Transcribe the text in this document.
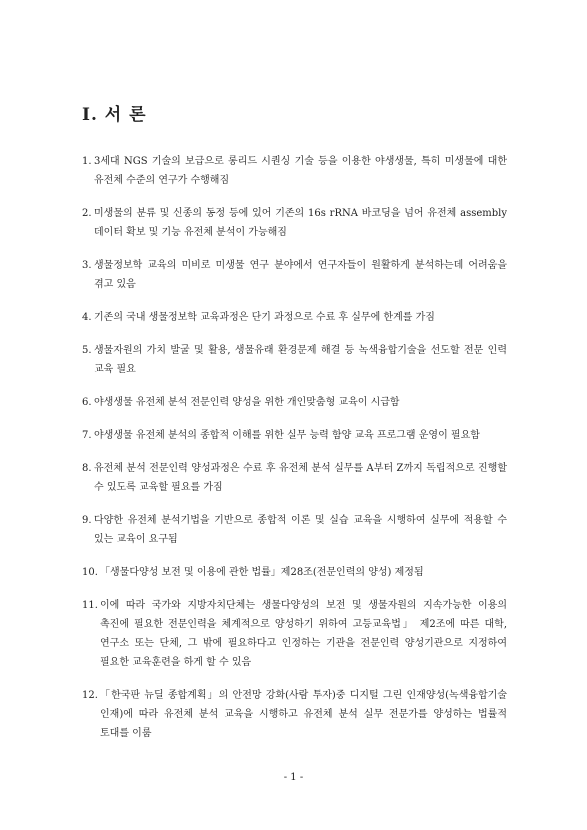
I. 서 론
1. 3세대 NGS 기술의 보급으로 롱리드 시퀀싱 기술 등을 이용한 야생생물, 특히 미생물에 대한 유전체 수준의 연구가 수행해짐
2. 미생물의 분류 및 신종의 동정 등에 있어 기존의 16s rRNA 바코딩을 넘어 유전체 assembly 데이터 확보 및 기능 유전체 분석이 가능해짐
3. 생물정보학 교육의 미비로 미생물 연구 분야에서 연구자들이 원활하게 분석하는데 어려움을 겪고 있음
4. 기존의 국내 생물정보학 교육과정은 단기 과정으로 수료 후 실무에 한계를 가짐
5. 생물자원의 가치 발굴 및 활용, 생물유래 환경문제 해결 등 녹색융합기술을 선도할 전문 인력 교육 필요
6. 야생생물 유전체 분석 전문인력 양성을 위한 개인맞춤형 교육이 시급함
7. 야생생물 유전체 분석의 종합적 이해를 위한 실무 능력 함양 교육 프로그램 운영이 필요함
8. 유전체 분석 전문인력 양성과정은 수료 후 유전체 분석 실무를 A부터 Z까지 독립적으로 진행할 수 있도록 교육할 필요를 가짐
9. 다양한 유전체 분석기법을 기반으로 종합적 이론 및 실습 교육을 시행하여 실무에 적용할 수 있는 교육이 요구됨
10. 「생물다양성 보전 및 이용에 관한 법률」제28조(전문인력의 양성) 제정됨
11. 이에 따라 국가와 지방자치단체는 생물다양성의 보전 및 생물자원의 지속가능한 이용의 촉진에 필요한 전문인력을 체계적으로 양성하기 위하여 고등교육법」 제2조에 따른 대학, 연구소 또는 단체, 그 밖에 필요하다고 인정하는 기관을 전문인력 양성기관으로 지정하여 필요한 교육훈련을 하게 할 수 있음
12. 「한국판 뉴딜 종합계획」의 안전망 강화(사람 투자)중 디지털 그린 인재양성(녹색융합기술 인재)에 따라 유전체 분석 교육을 시행하고 유전체 분석 실무 전문가를 양성하는 법률적 토대를 이룸
- 1 -
